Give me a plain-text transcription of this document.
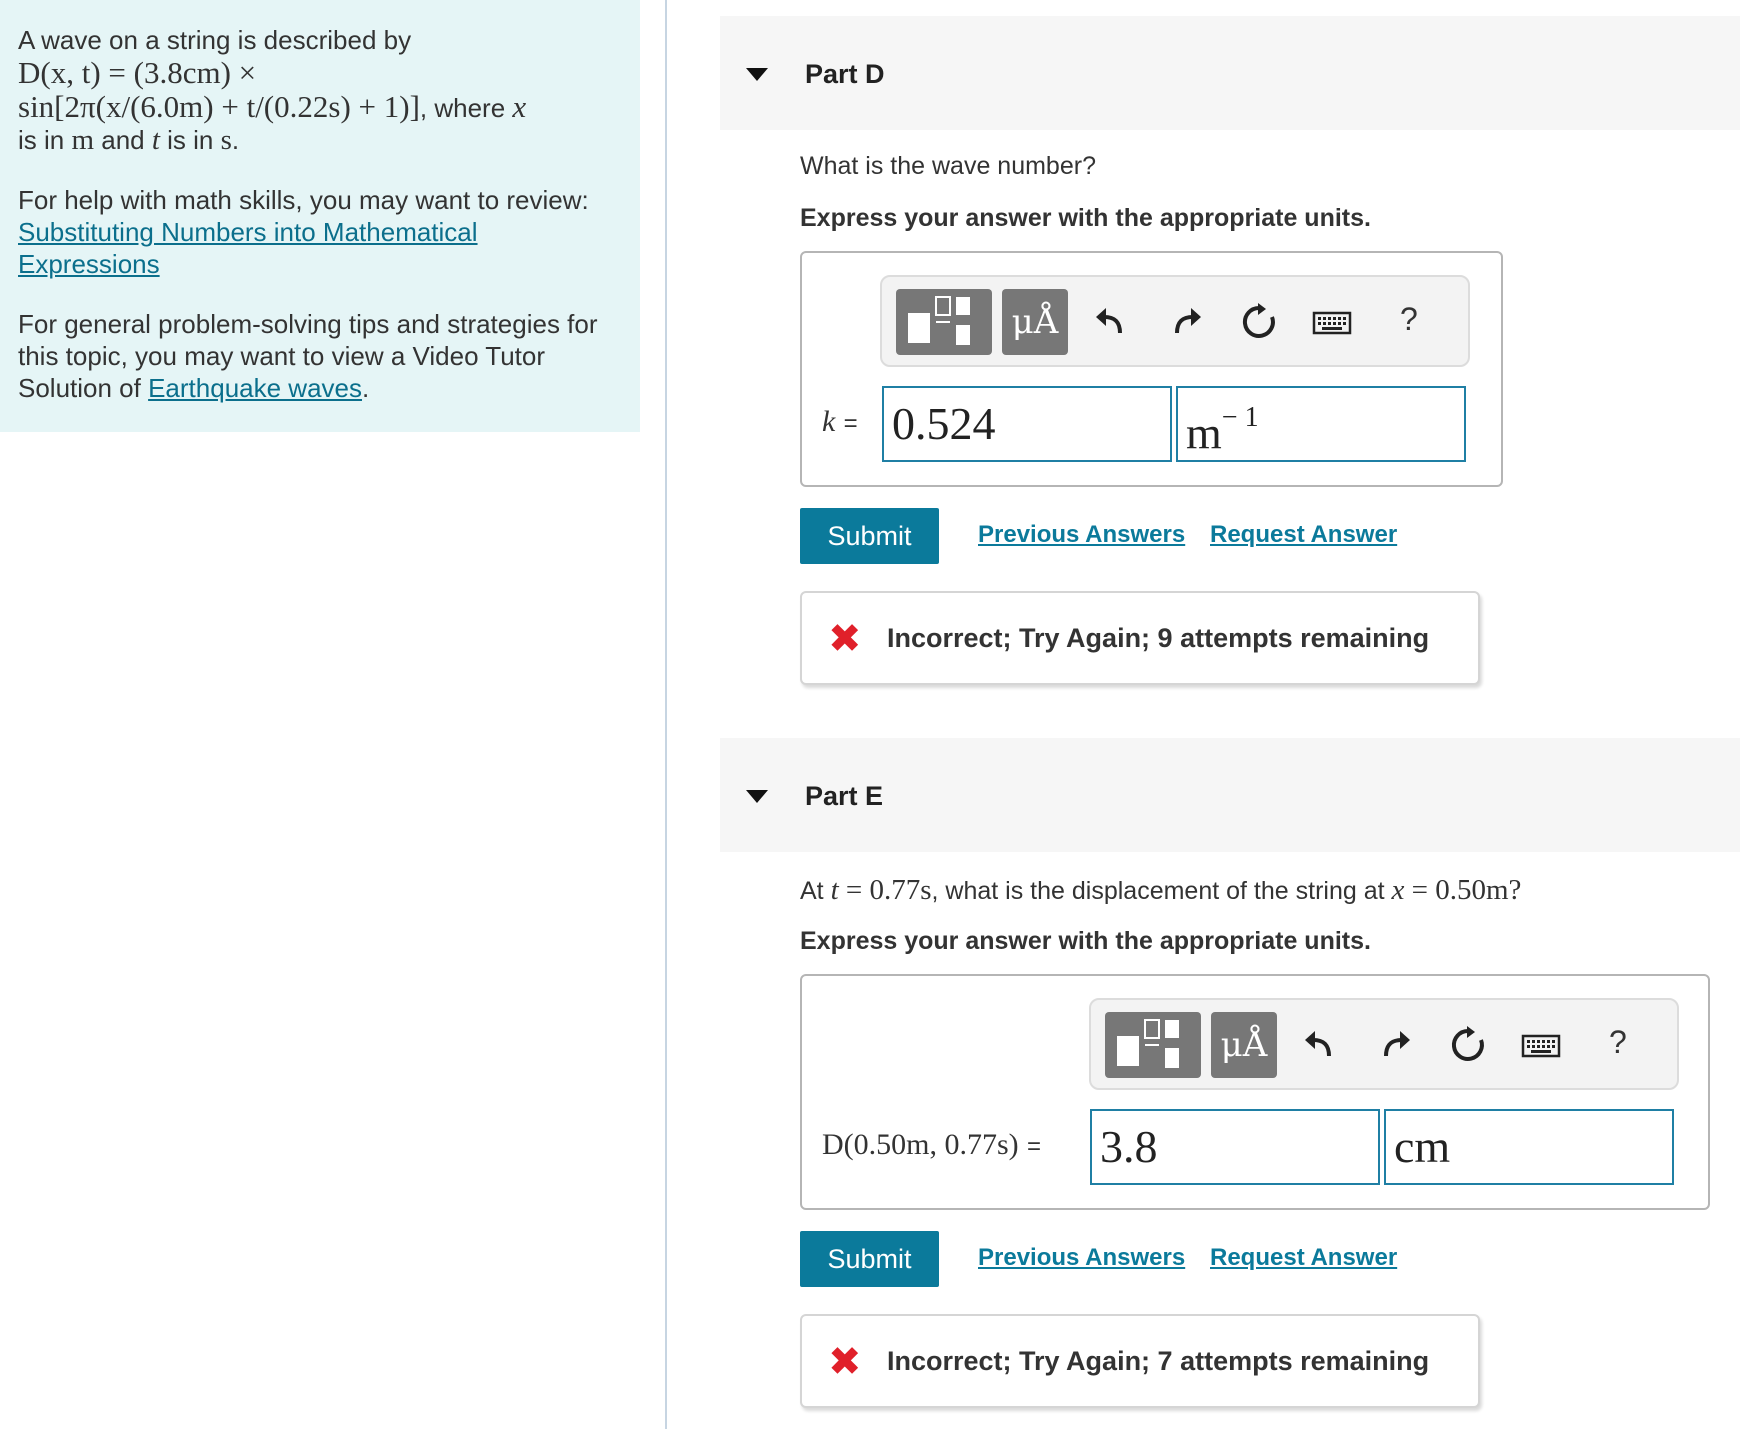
A wave on a string is described by

D(x, t) = (3.8cm) ×

sin[2π(x/(6.0m) + t/(0.22s) + 1)], where x

is in m and t is in s.

For help with math skills, you may want to review:

Substituting Numbers into Mathematical Expressions

For general problem-solving tips and strategies for this topic, you may want to view a Video Tutor Solution of Earthquake waves.

Part D
What is the wave number?
Express your answer with the appropriate units.
μÅ	?
k = 0.524	$m^{- 1}$
Submit	Previous Answers Request Answer
✖ Incorrect; Try Again; 9 attempts remaining
Part E
At t = 0.77s, what is the displacement of the string at x = 0.50m?
Express your answer with the appropriate units.
μÅ	?
D(0.50m, 0.77s) = 3.8	cm
Submit	Previous Answers Request Answer
✖ Incorrect; Try Again; 7 attempts remaining
